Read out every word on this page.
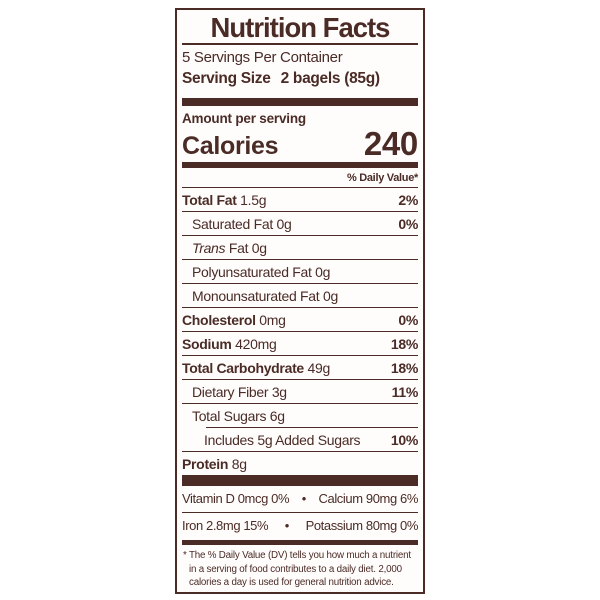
Nutrition Facts
5 Servings Per Container
Serving Size 2 bagels (85g)
Amount per serving
Calories	240
% Daily Value*
Total Fat 1.5g	2%
Saturated Fat 0g	0%
Trans Fat 0g
Polyunsaturated Fat 0g
Monounsaturated Fat 0g
Cholesterol 0mg	0%
Sodium 420mg	18%
Total Carbohydrate 49g	18%
Dietary Fiber 3g	11%
Total Sugars 6g
Includes 5g Added Sugars 10%
Protein 8g
Vitamin D 0mcg 0% • Calcium 90mg 6%
Iron 2.8mg 15% • Potassium 80mg 0%
* The % Daily Value (DV) tells you how much a nutrient in a serving of food contributes to a daily diet. 2,000 calories a day is used for general nutrition advice.
